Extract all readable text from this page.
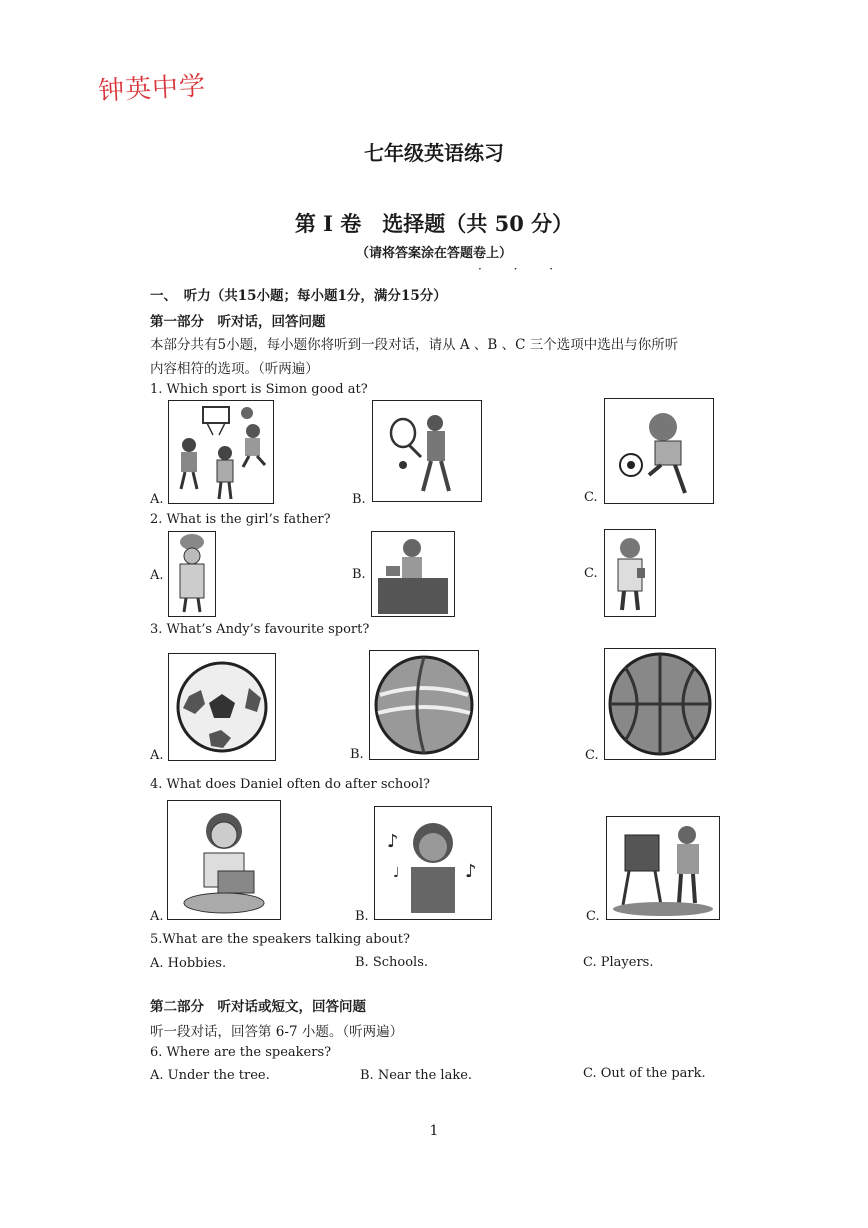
钟英中学
七年级英语练习
第 I 卷　选择题（共 50 分）
（请将答案涂在答题卷上）
· · ·
一、　听力（共15小题；每小题1分，满分15分）
第一部分　听对话，回答问题
本部分共有5小题，每小题你将听到一段对话，请从 A 、B 、C 三个选项中选出与你所听
内容相符的选项。（听两遍）
1. Which sport is Simon good at?
A.	B.	C.
2. What is the girl’s father?
A.	B.	C.
3. What’s Andy’s favourite sport?
A.	B.	C.
4. What does Daniel often do after school?
A.	B.	C.
♪
♪
♩
5.What are the speakers talking about?
A. Hobbies.	B. Schools.	C. Players.
第二部分　听对话或短文，回答问题
听一段对话，回答第 6-7 小题。（听两遍）
6. Where are the speakers?
A. Under the tree.	B. Near the lake.	C. Out of the park.
1
